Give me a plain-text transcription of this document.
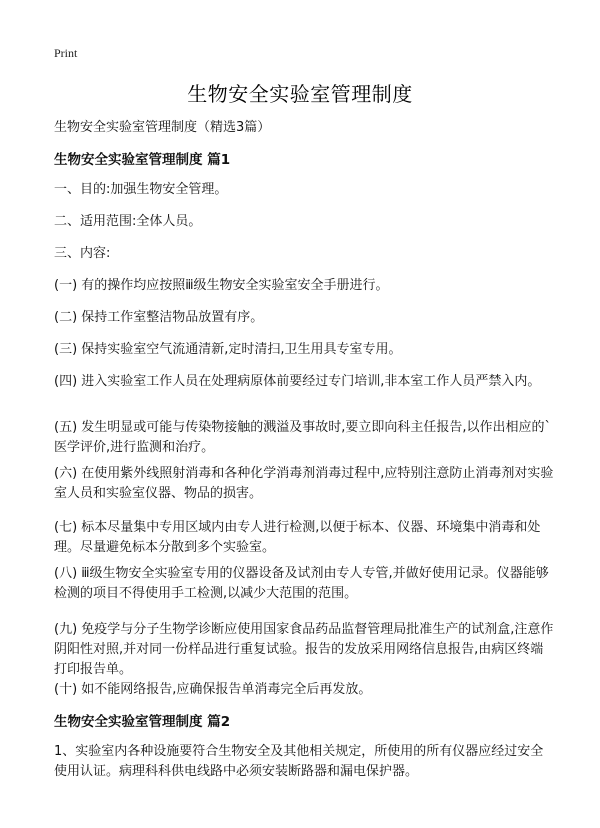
Print
生物安全实验室管理制度
生物安全实验室管理制度（精选3篇）
生物安全实验室管理制度 篇1
一、目的:加强生物安全管理。
二、适用范围:全体人员。
三、内容:
(一) 有的操作均应按照ⅲ级生物安全实验室安全手册进行。
(二) 保持工作室整洁物品放置有序。
(三) 保持实验室空气流通清新,定时清扫,卫生用具专室专用。
(四) 进入实验室工作人员在处理病原体前要经过专门培训,非本室工作人员严禁入内。
(五) 发生明显或可能与传染物接触的溅溢及事故时,要立即向科主任报告,以作出相应的`医学评价,进行监测和治疗。
(六) 在使用紫外线照射消毒和各种化学消毒剂消毒过程中,应特别注意防止消毒剂对实验室人员和实验室仪器、物品的损害。
(七) 标本尽量集中专用区域内由专人进行检测,以便于标本、仪器、环境集中消毒和处理。尽量避免标本分散到多个实验室。
(八) ⅲ级生物安全实验室专用的仪器设备及试剂由专人专管,并做好使用记录。仪器能够检测的项目不得使用手工检测,以减少大范围的范围。
(九) 免疫学与分子生物学诊断应使用国家食品药品监督管理局批准生产的试剂盒,注意作阴阳性对照,并对同一份样品进行重复试验。报告的发放采用网络信息报告,由病区终端打印报告单。
(十) 如不能网络报告,应确保报告单消毒完全后再发放。
生物安全实验室管理制度 篇2
1、实验室内各种设施要符合生物安全及其他相关规定，所使用的所有仪器应经过安全使用认证。病理科科供电线路中必须安装断路器和漏电保护器。
